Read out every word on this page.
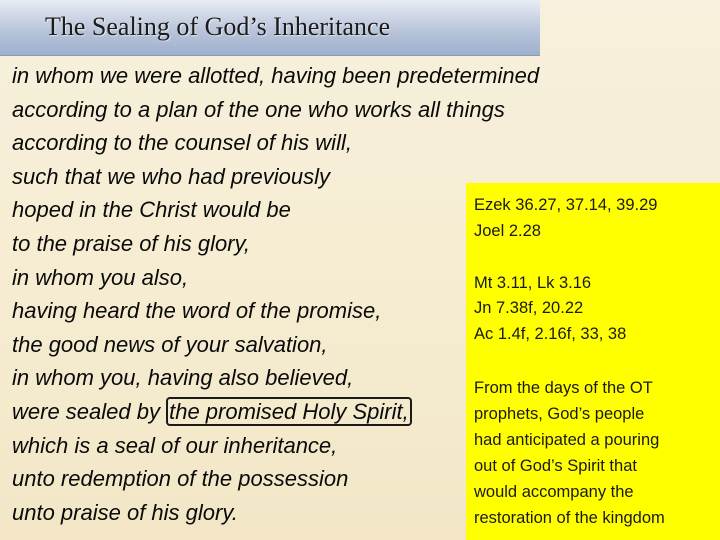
The Sealing of God’s Inheritance
in whom we were allotted, having been predetermined
according to a plan of the one who works all things
according to the counsel of his will,
such that we who had previously
hoped in the Christ would be
to the praise of his glory,
in whom you also,
having heard the word of the promise,
the good news of your salvation,
in whom you, having also believed,
were sealed by the promised Holy Spirit,
which is a seal of our inheritance,
unto redemption of the possession
unto praise of his glory.
Ezek 36.27, 37.14, 39.29
Joel 2.28
Mt 3.11, Lk 3.16
Jn 7.38f, 20.22
Ac 1.4f, 2.16f, 33, 38
From the days of the OT
prophets, God’s people
had anticipated a pouring
out of God’s Spirit that
would accompany the
restoration of the kingdom
